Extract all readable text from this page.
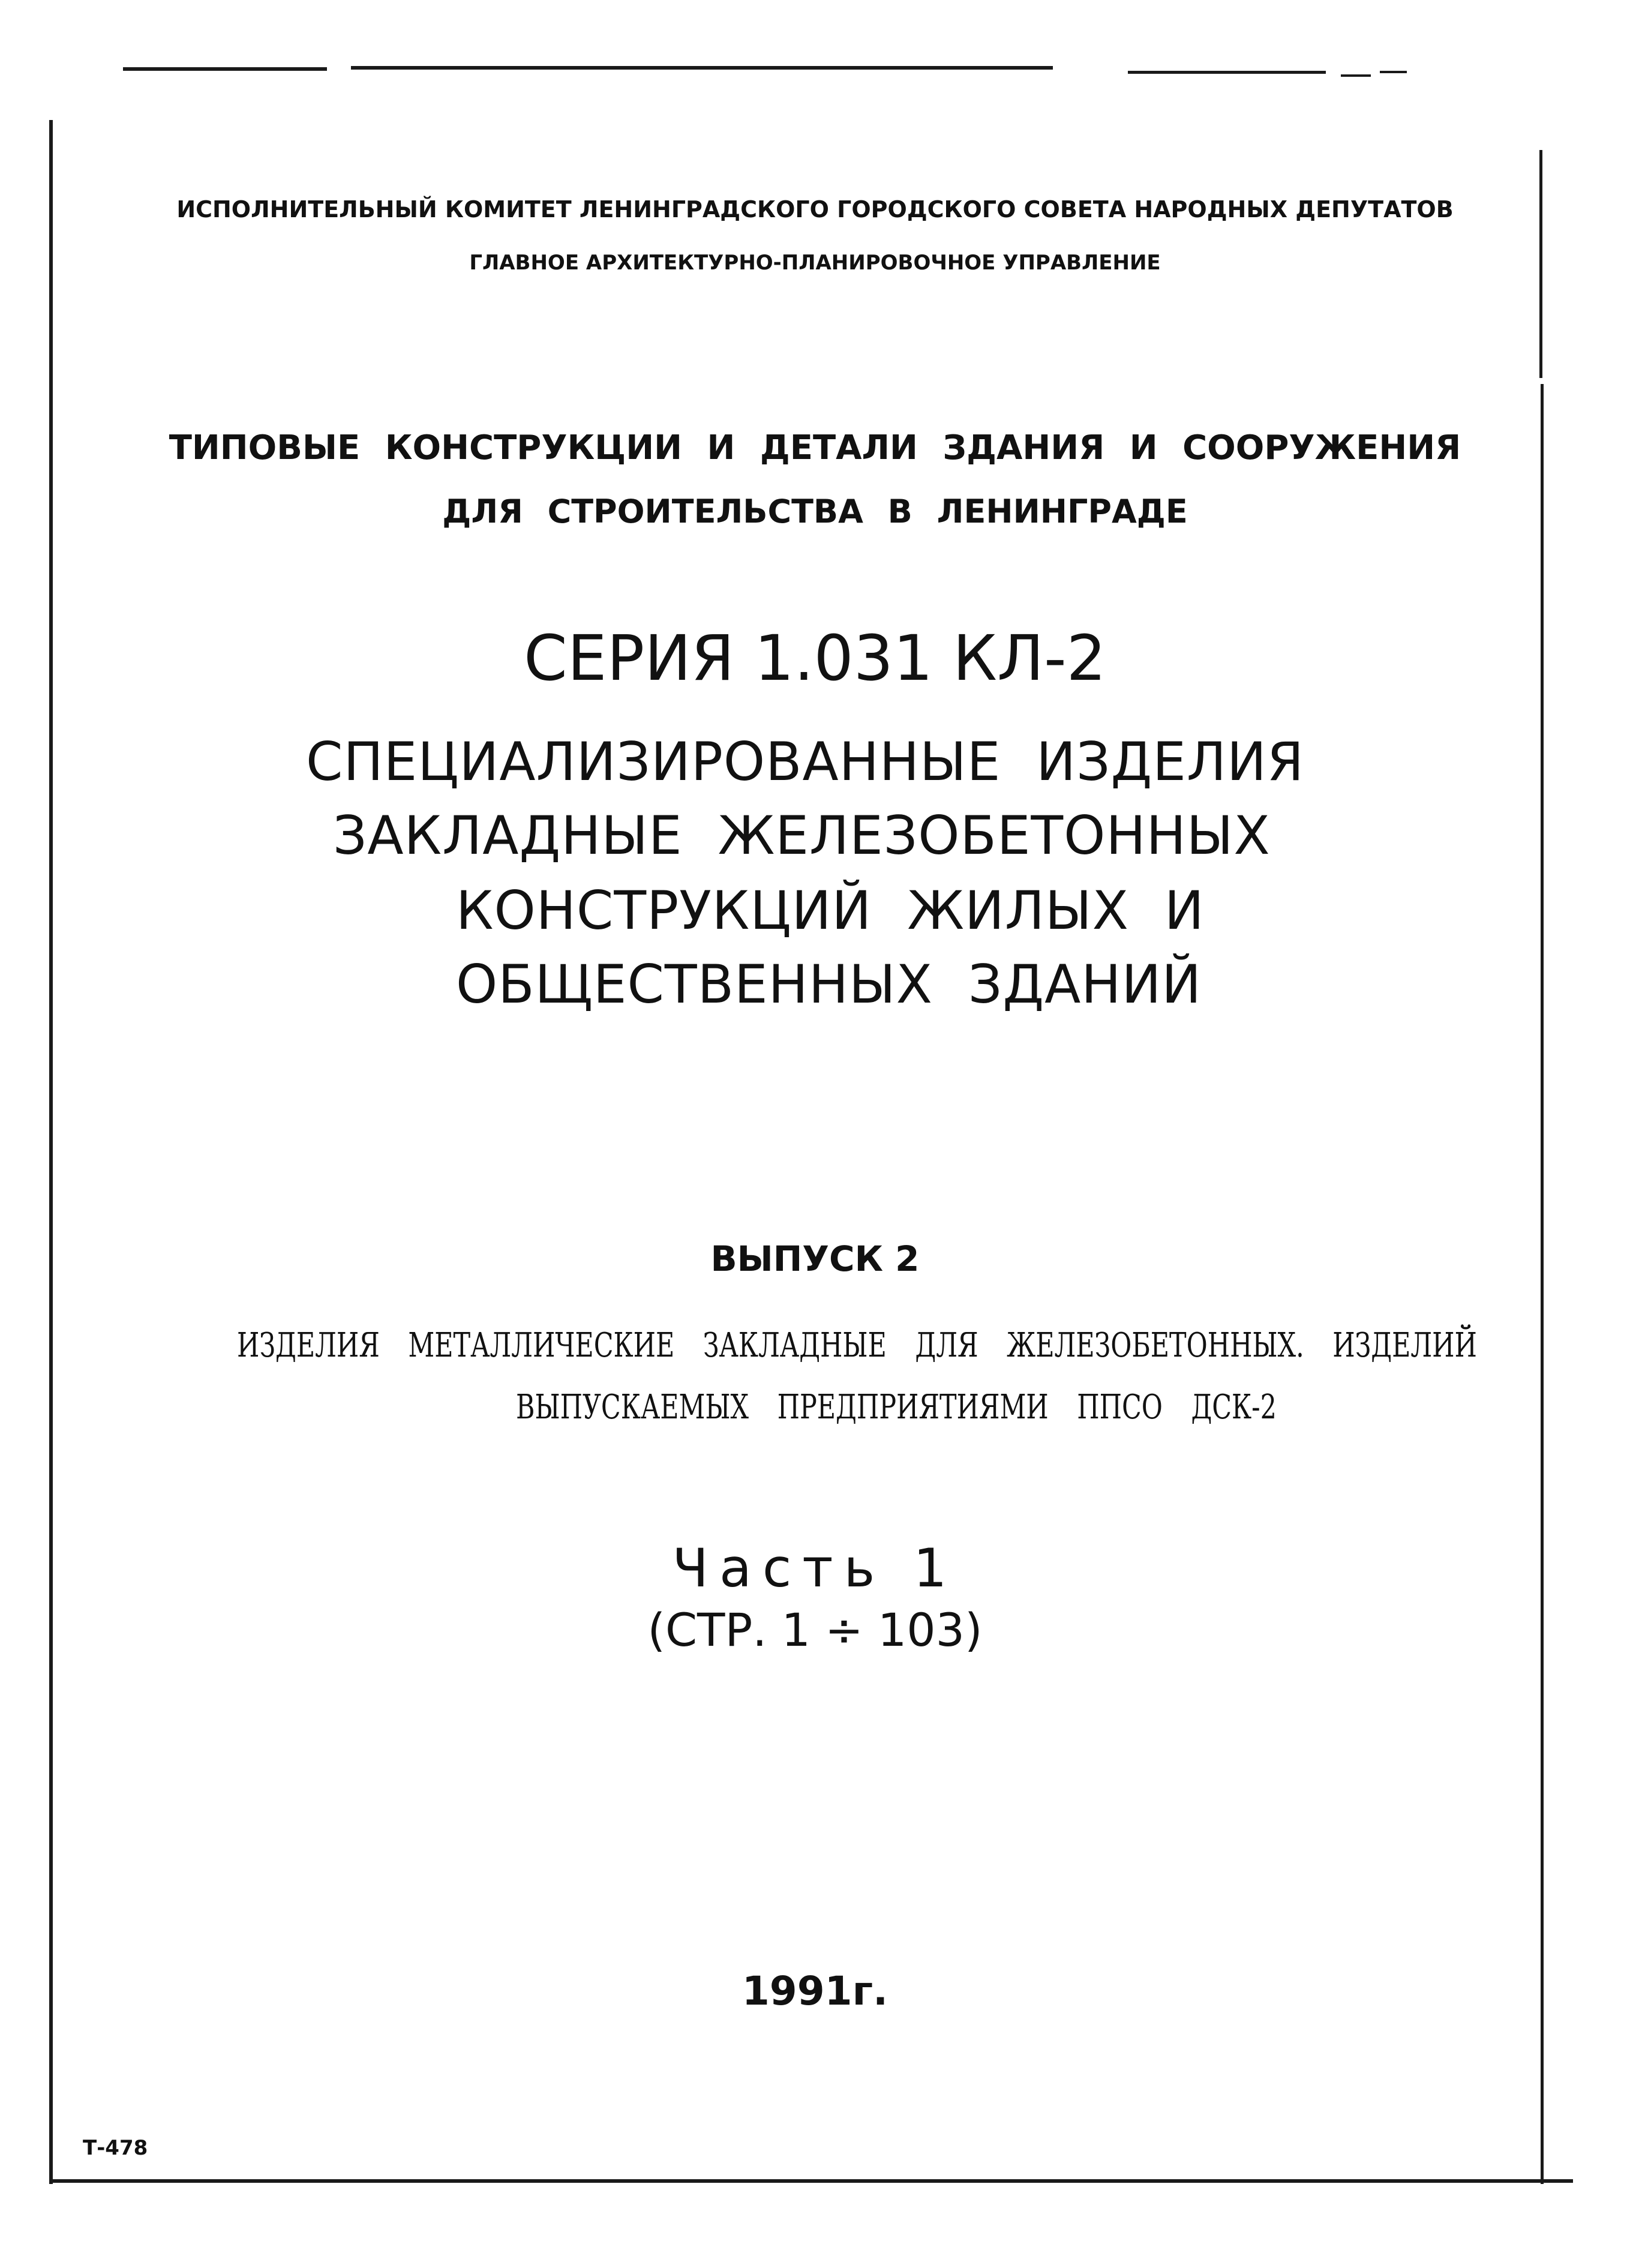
ИСПОЛНИТЕЛЬНЫЙ КОМИТЕТ ЛЕНИНГРАДСКОГО ГОРОДСКОГО СОВЕТА НАРОДНЫХ ДЕПУТАТОВ
ГЛАВНОЕ АРХИТЕКТУРНО-ПЛАНИРОВОЧНОЕ УПРАВЛЕНИЕ
ТИПОВЫЕ КОНСТРУКЦИИ И ДЕТАЛИ ЗДАНИЯ И СООРУЖЕНИЯ
ДЛЯ СТРОИТЕЛЬСТВА В ЛЕНИНГРАДЕ
СЕРИЯ 1.031 КЛ-2
СПЕЦИАЛИЗИРОВАННЫЕ ИЗДЕЛИЯ
ЗАКЛАДНЫЕ ЖЕЛЕЗОБЕТОННЫХ
КОНСТРУКЦИЙ ЖИЛЫХ И
ОБЩЕСТВЕННЫХ ЗДАНИЙ
ВЫПУСК 2
ИЗДЕЛИЯ МЕТАЛЛИЧЕСКИЕ ЗАКЛАДНЫЕ ДЛЯ ЖЕЛЕЗОБЕТОННЫХ. ИЗДЕЛИЙ
ВЫПУСКАЕМЫХ ПРЕДПРИЯТИЯМИ ППСО ДСК-2
Часть 1
(СТР. 1 ÷ 103)
1991г.
Т-478
